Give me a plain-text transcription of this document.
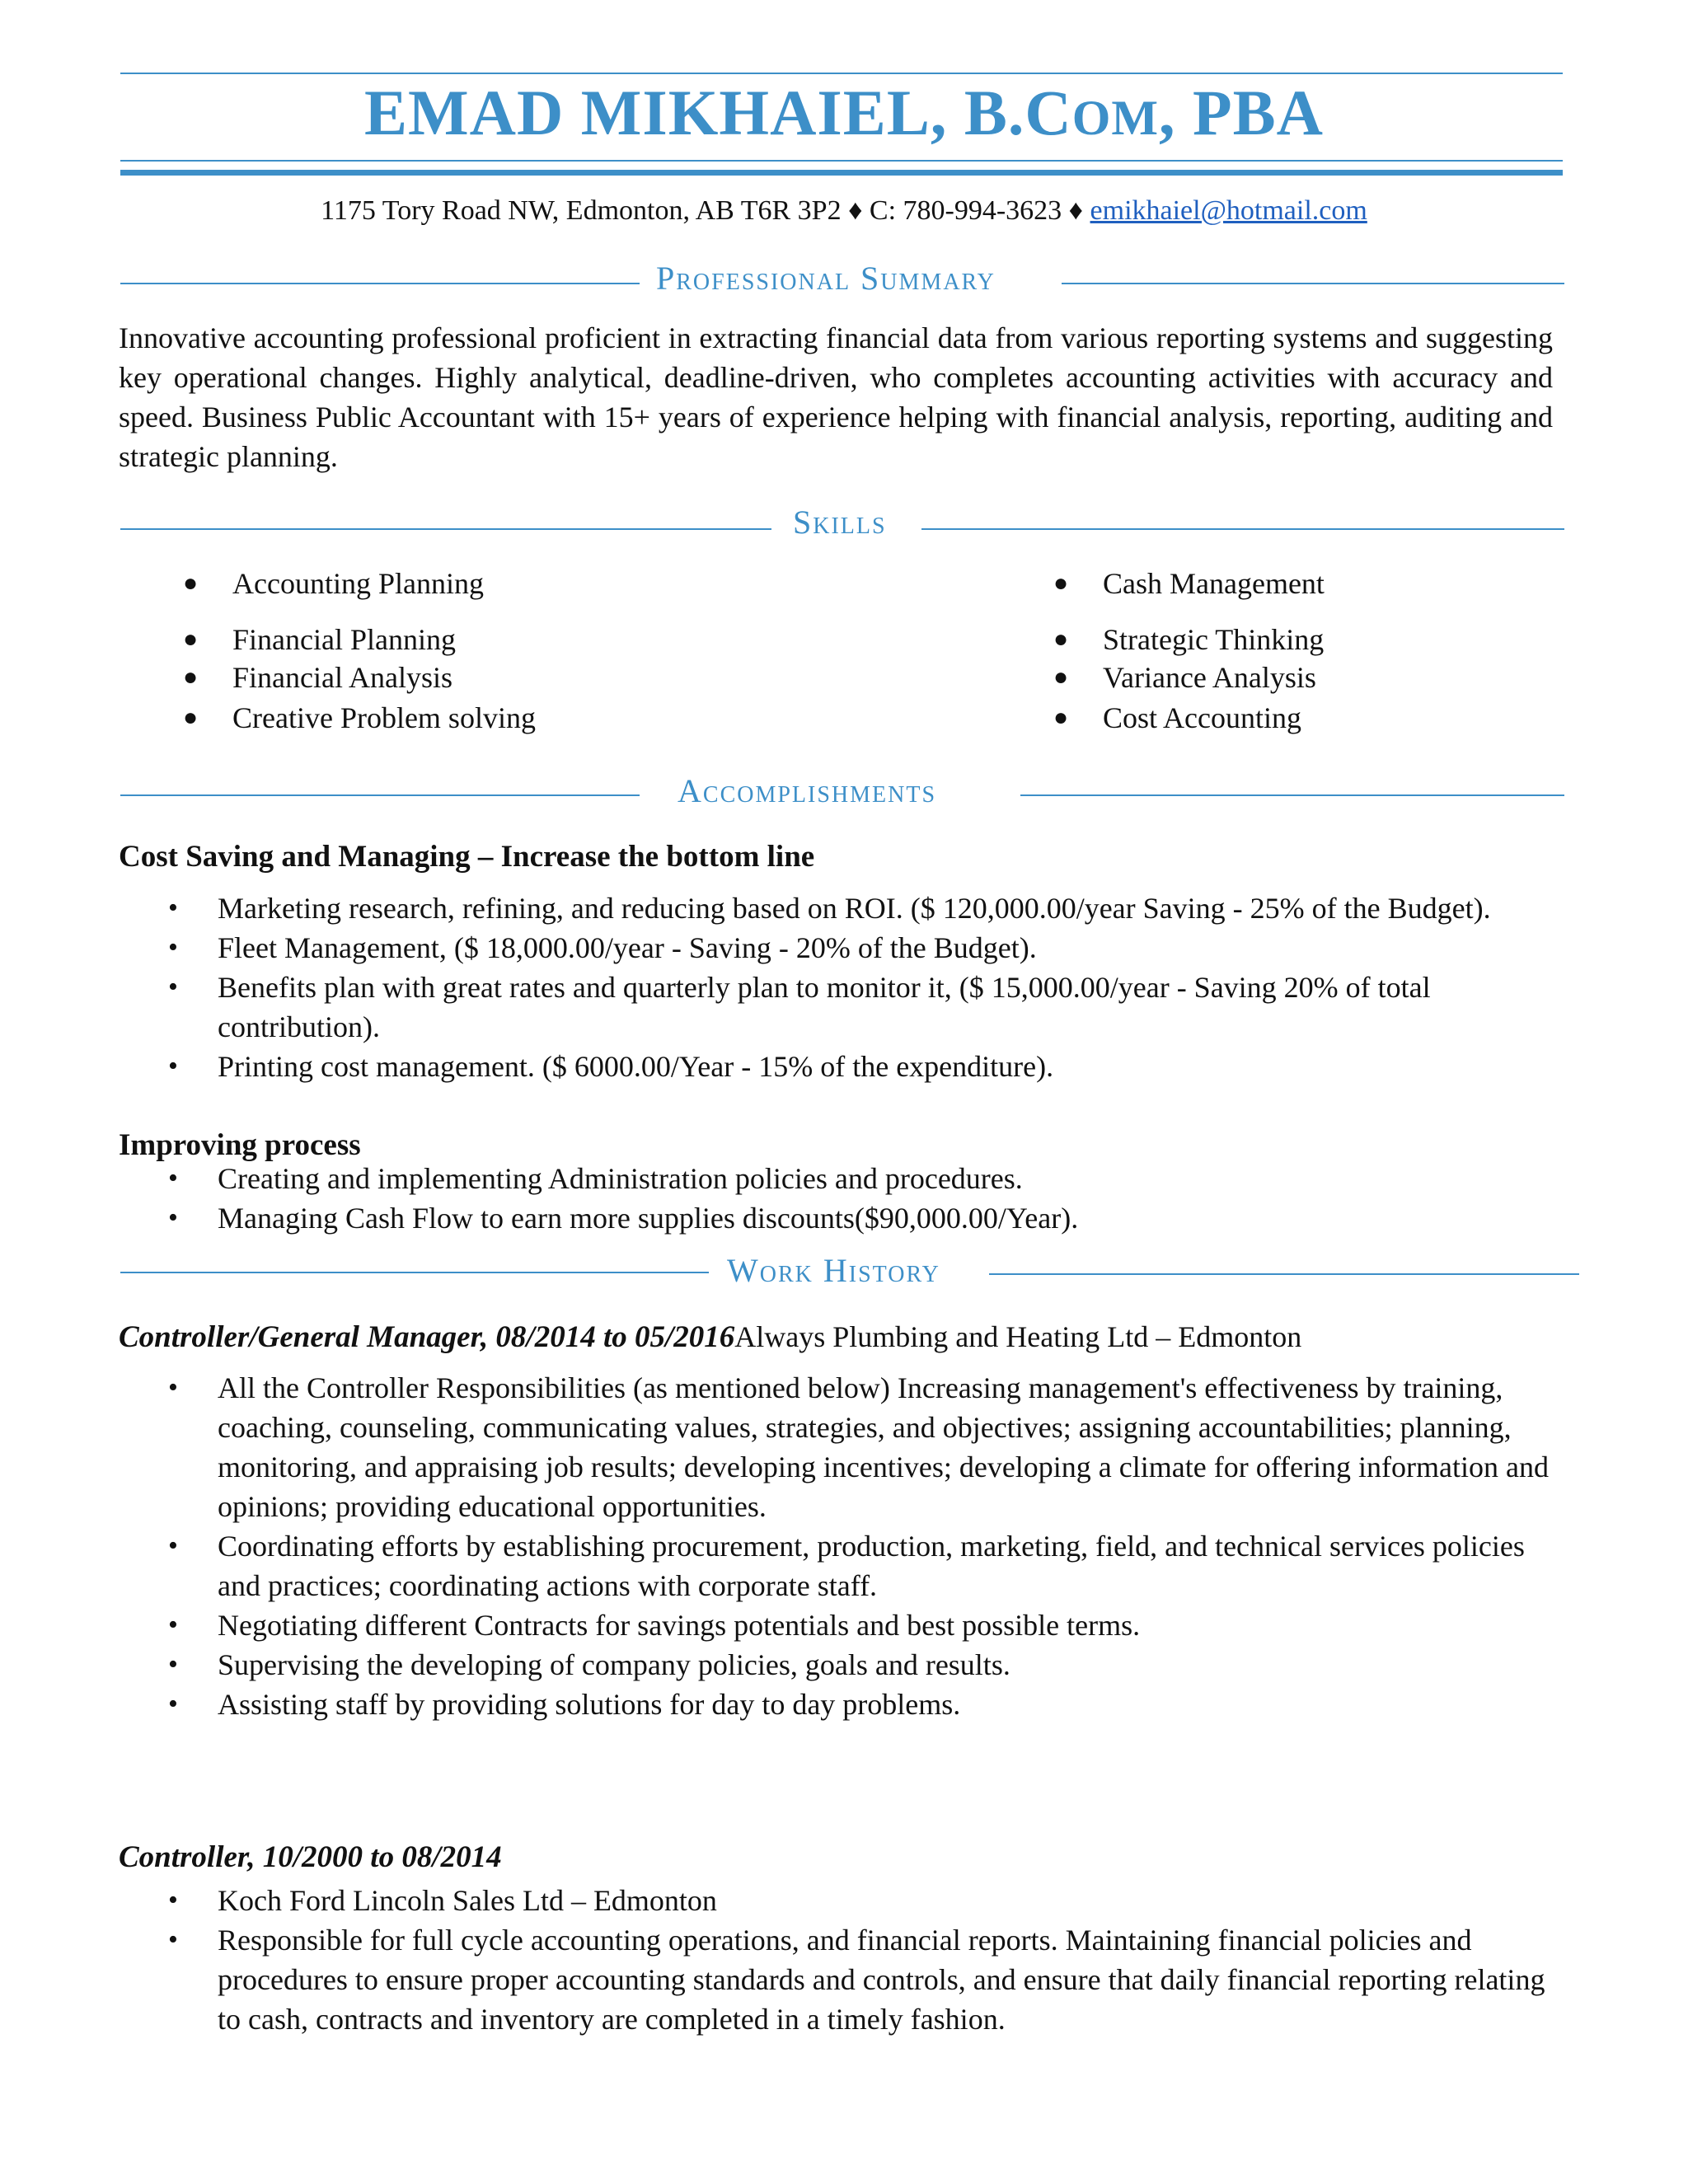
EMAD MIKHAIEL, B.COM, PBA
1175 Tory Road NW, Edmonton, AB T6R 3P2 ♦ C: 780-994-3623 ♦ emikhaiel@hotmail.com
Professional Summary

Innovative accounting professional proficient in extracting financial data from various reporting systems and suggesting key operational changes. Highly analytical, deadline-driven, who completes accounting activities with accuracy and speed. Business Public Accountant with 15+ years of experience helping with financial analysis, reporting, auditing and strategic planning.

Skills
● Accounting Planning
● Financial Planning
● Financial Analysis
● Creative Problem solving
● Cash Management
● Strategic Thinking
● Variance Analysis
● Cost Accounting
Accomplishments
Cost Saving and Managing – Increase the bottom line
• Marketing research, refining, and reducing based on ROI. ($ 120,000.00/year Saving - 25% of the Budget).
• Fleet Management, ($ 18,000.00/year - Saving - 20% of the Budget).
• Benefits plan with great rates and quarterly plan to monitor it, ($ 15,000.00/year - Saving 20% of total contribution).
• Printing cost management. ($ 6000.00/Year - 15% of the expenditure).
Improving process
• Creating and implementing Administration policies and procedures.
• Managing Cash Flow to earn more supplies discounts($90,000.00/Year).
Work History
Controller/General Manager, 08/2014 to 05/2016Always Plumbing and Heating Ltd – Edmonton
• All the Controller Responsibilities (as mentioned below) Increasing management's effectiveness by training,
coaching, counseling, communicating values, strategies, and objectives; assigning accountabilities; planning,
monitoring, and appraising job results; developing incentives; developing a climate for offering information and opinions; providing educational opportunities.
• Coordinating efforts by establishing procurement, production, marketing, field, and technical services policies and practices; coordinating actions with corporate staff.
• Negotiating different Contracts for savings potentials and best possible terms.
• Supervising the developing of company policies, goals and results.
• Assisting staff by providing solutions for day to day problems.
Controller, 10/2000 to 08/2014
• Koch Ford Lincoln Sales Ltd – Edmonton
• Responsible for full cycle accounting operations, and financial reports. Maintaining financial policies and procedures to ensure proper accounting standards and controls, and ensure that daily financial reporting relating to cash, contracts and inventory are completed in a timely fashion.
